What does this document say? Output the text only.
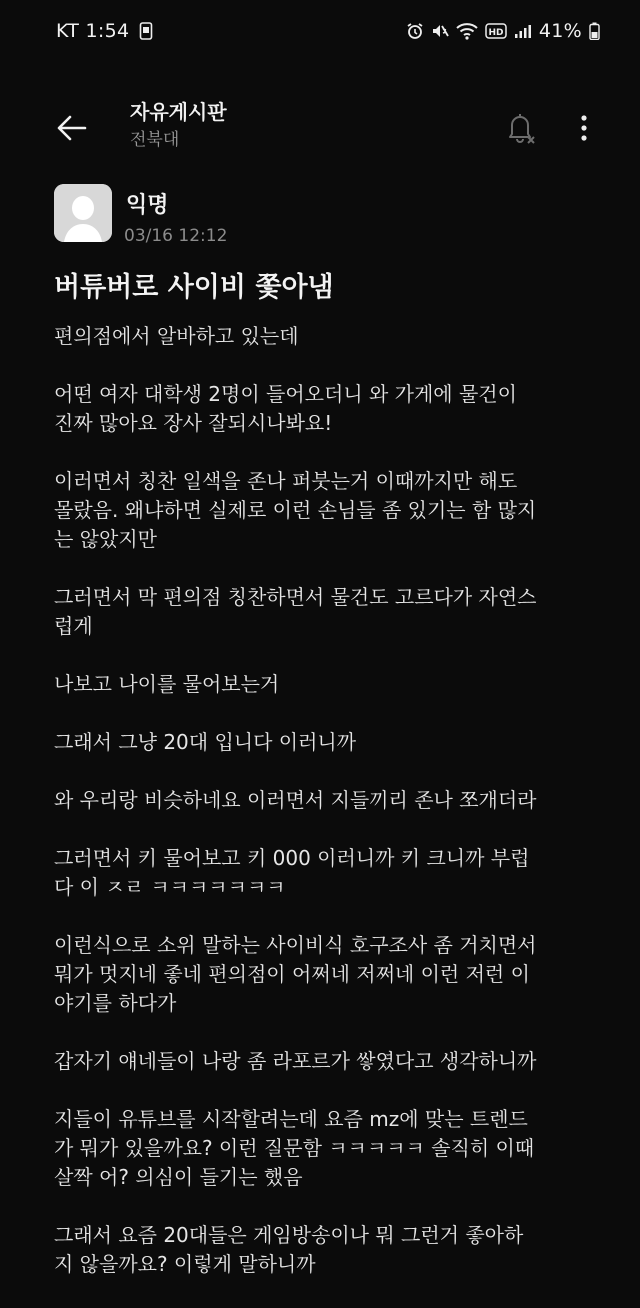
KT 1:54	HD 41%
자유게시판
전북대
익명
03/16 12:12
버튜버로 사이비 쫓아냄

편의점에서 알바하고 있는데

어떤 여자 대학생 2명이 들어오더니 와 가게에 물건이
진짜 많아요 장사 잘되시나봐요!

이러면서 칭찬 일색을 존나 퍼붓는거 이때까지만 해도
몰랐음. 왜냐하면 실제로 이런 손님들 좀 있기는 함 많지
는 않았지만

그러면서 막 편의점 칭찬하면서 물건도 고르다가 자연스
럽게

나보고 나이를 물어보는거

그래서 그냥 20대 입니다 이러니까

와 우리랑 비슷하네요 이러면서 지들끼리 존나 쪼개더라

그러면서 키 물어보고 키 000 이러니까 키 크니까 부럽
다 이 ㅈㄹ ㅋㅋㅋㅋㅋㅋㅋ

이런식으로 소위 말하는 사이비식 호구조사 좀 거치면서
뭐가 멋지네 좋네 편의점이 어쩌네 저쩌네 이런 저런 이
야기를 하다가

갑자기 얘네들이 나랑 좀 라포르가 쌓였다고 생각하니까

지들이 유튜브를 시작할려는데 요즘 mz에 맞는 트렌드
가 뭐가 있을까요? 이런 질문함 ㅋㅋㅋㅋㅋ 솔직히 이때
살짝 어? 의심이 들기는 했음

그래서 요즘 20대들은 게임방송이나 뭐 그런거 좋아하
지 않을까요? 이렇게 말하니까
